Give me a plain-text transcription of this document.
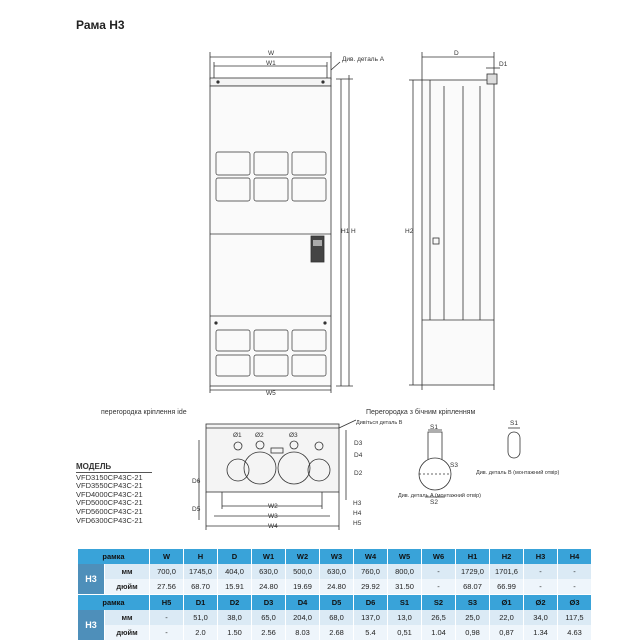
Рама H3
W
W1
Див. деталь A
W5
H1 H
D
D1
H2
перегородка кріплення ide	Перегородка з бічним кріпленням
Дивіться деталь B
Див. деталь B (монтажний отвір)
Див. деталь A (монтажний отвір)
W2
W3
W4
D6
D5
D3
D4
D2
Ø1 Ø2	Ø3
H3
H4
H5
S1
S2
S3
S1
МОДЕЛЬ
VFD3150CP43C-21
VFD3550CP43C-21
VFD4000CP43C-21
VFD5000CP43C-21
VFD5600CP43C-21
VFD6300CP43C-21
рамка		W	H	D	W1	W2	W3	W4	W5	W6	H1	H2	H3	H4
H3	мм	700,0	1745,0	404,0	630,0	500,0	630,0	760,0	800,0	-	1729,0	1701,6	-	-
	дюйм	27.56	68.70	15.91	24.80	19.69	24.80	29.92	31.50	-	68.07	66.99	-	-
рамка		H5	D1	D2	D3	D4	D5	D6	S1	S2	S3	Ø1	Ø2	Ø3
H3	мм	-	51,0	38,0	65,0	204,0	68,0	137,0	13,0	26,5	25,0	22,0	34,0	117,5
	дюйм	-	2.0	1.50	2.56	8.03	2.68	5.4	0,51	1.04	0,98	0,87	1.34	4.63
